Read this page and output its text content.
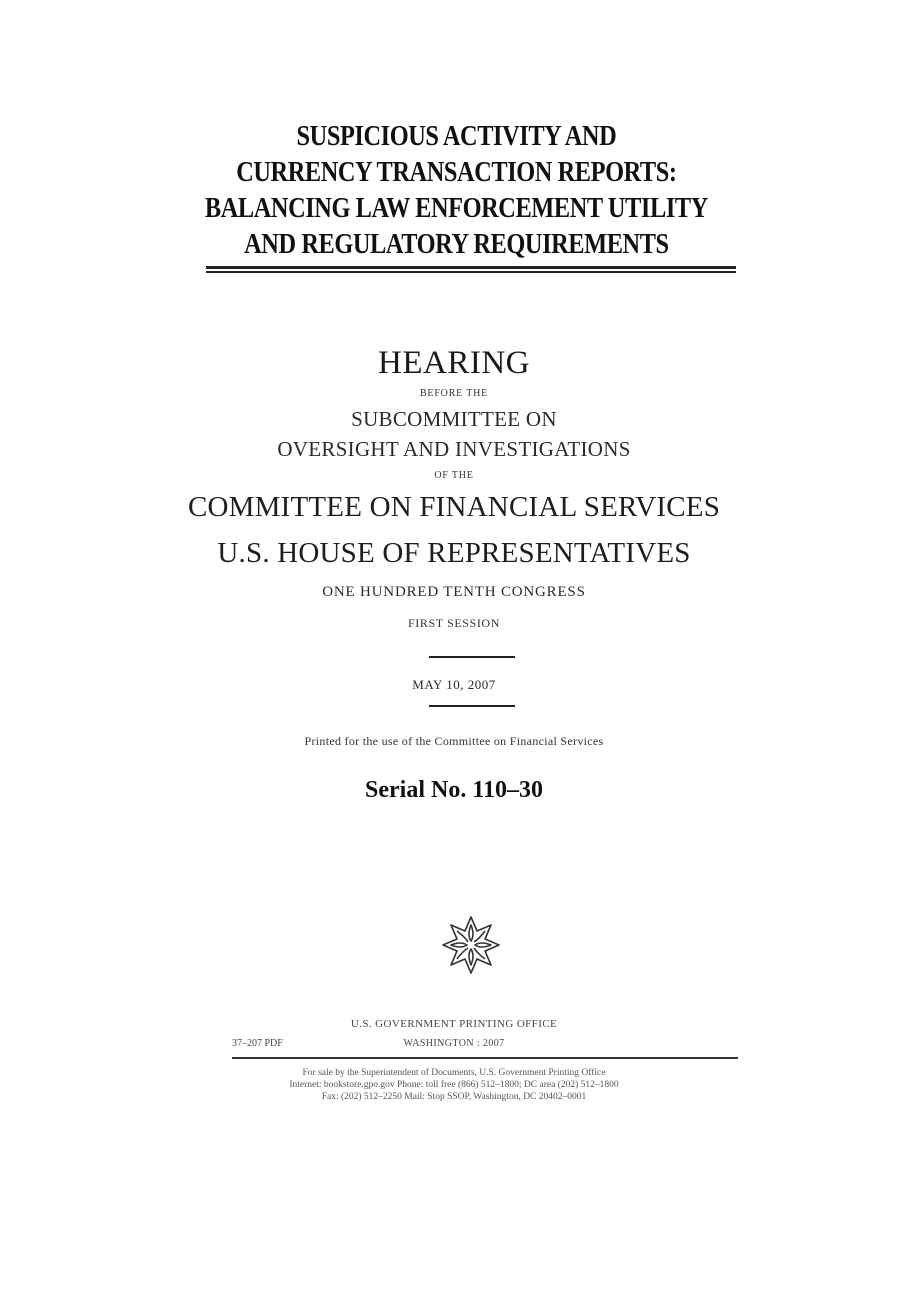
SUSPICIOUS ACTIVITY AND
CURRENCY TRANSACTION REPORTS:
BALANCING LAW ENFORCEMENT UTILITY
AND REGULATORY REQUIREMENTS
HEARING
BEFORE THE
SUBCOMMITTEE ON
OVERSIGHT AND INVESTIGATIONS
OF THE
COMMITTEE ON FINANCIAL SERVICES
U.S. HOUSE OF REPRESENTATIVES
ONE HUNDRED TENTH CONGRESS
FIRST SESSION
MAY 10, 2007
Printed for the use of the Committee on Financial Services
Serial No. 110–30
U.S. GOVERNMENT PRINTING OFFICE
37–207 PDF	WASHINGTON : 2007
For sale by the Superintendent of Documents, U.S. Government Printing Office
Internet: bookstore.gpo.gov Phone: toll free (866) 512–1800; DC area (202) 512–1800
Fax: (202) 512–2250 Mail: Stop SSOP, Washington, DC 20402–0001
